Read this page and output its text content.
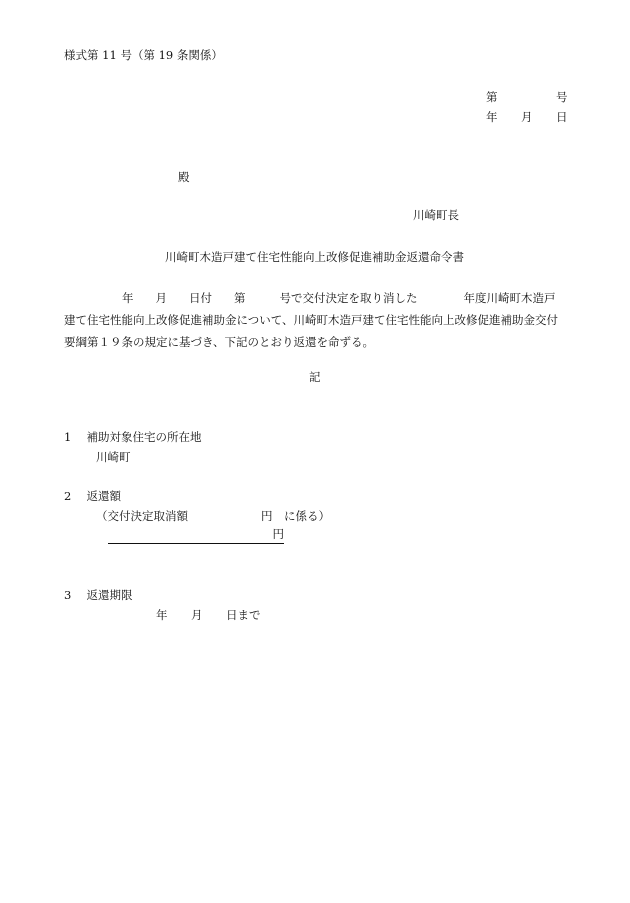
様式第 11 号（第 19 条関係）
第	号
年 月 日
殿
川崎町長
川崎町木造戸建て住宅性能向上改修促進補助金返還命令書
年 月 日付 第	号で交付決定を取り消した	年度川崎町木造戸
建て住宅性能向上改修促進補助金について、川崎町木造戸建て住宅性能向上改修促進補助金交付
要綱第１９条の規定に基づき、下記のとおり返還を命ずる。
記
1　 補助対象住宅の所在地
川崎町
2　 返還額
（交付決定取消額	円　に係る）
円
3　 返還期限
年 月 日まで
